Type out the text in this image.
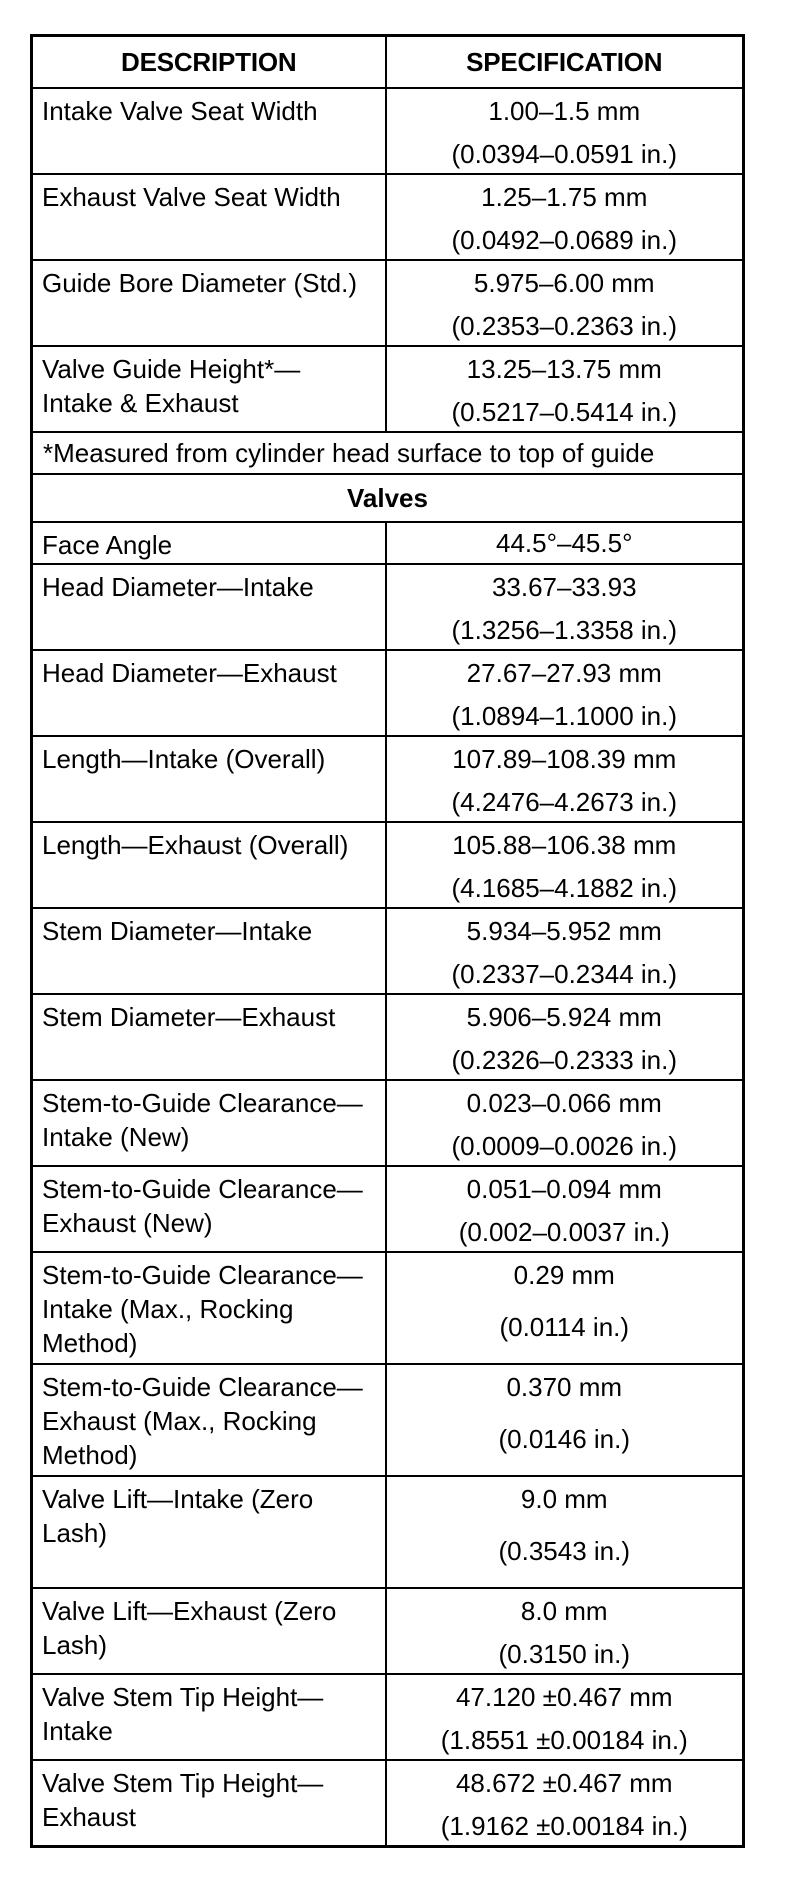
DESCRIPTION	SPECIFICATION
Intake Valve Seat Width	1.00–1.5 mm
(0.0394–0.0591 in.)

Exhaust Valve Seat Width	1.25–1.75 mm
(0.0492–0.0689 in.)

Guide Bore Diameter (Std.)	5.975–6.00 mm
(0.2353–0.2363 in.)

Valve Guide Height*— Intake & Exhaust	13.25–13.75 mm
(0.5217–0.5414 in.)

*Measured from cylinder head surface to top of guide	
Valves	
Face Angle	44.5°–45.5°
Head Diameter—Intake	33.67–33.93
(1.3256–1.3358 in.)

Head Diameter—Exhaust	27.67–27.93 mm
(1.0894–1.1000 in.)

Length—Intake (Overall)	107.89–108.39 mm
(4.2476–4.2673 in.)

Length—Exhaust (Overall)	105.88–106.38 mm
(4.1685–4.1882 in.)

Stem Diameter—Intake	5.934–5.952 mm
(0.2337–0.2344 in.)

Stem Diameter—Exhaust	5.906–5.924 mm
(0.2326–0.2333 in.)

Stem-to-Guide Clearance—Intake (New)	0.023–0.066 mm
(0.0009–0.0026 in.)

Stem-to-Guide Clearance—Exhaust (New)	0.051–0.094 mm
(0.002–0.0037 in.)

Stem-to-Guide Clearance—Intake (Max., Rocking Method)	0.29 mm
(0.0114 in.)

Stem-to-Guide Clearance—Exhaust (Max., Rocking Method)	0.370 mm
(0.0146 in.)

Valve Lift—Intake (Zero Lash)	9.0 mm
(0.3543 in.)

Valve Lift—Exhaust (Zero Lash)	8.0 mm
(0.3150 in.)

Valve Stem Tip Height—Intake	47.120 ±0.467 mm
(1.8551 ±0.00184 in.)

Valve Stem Tip Height—Exhaust	48.672 ±0.467 mm
(1.9162 ±0.00184 in.)
